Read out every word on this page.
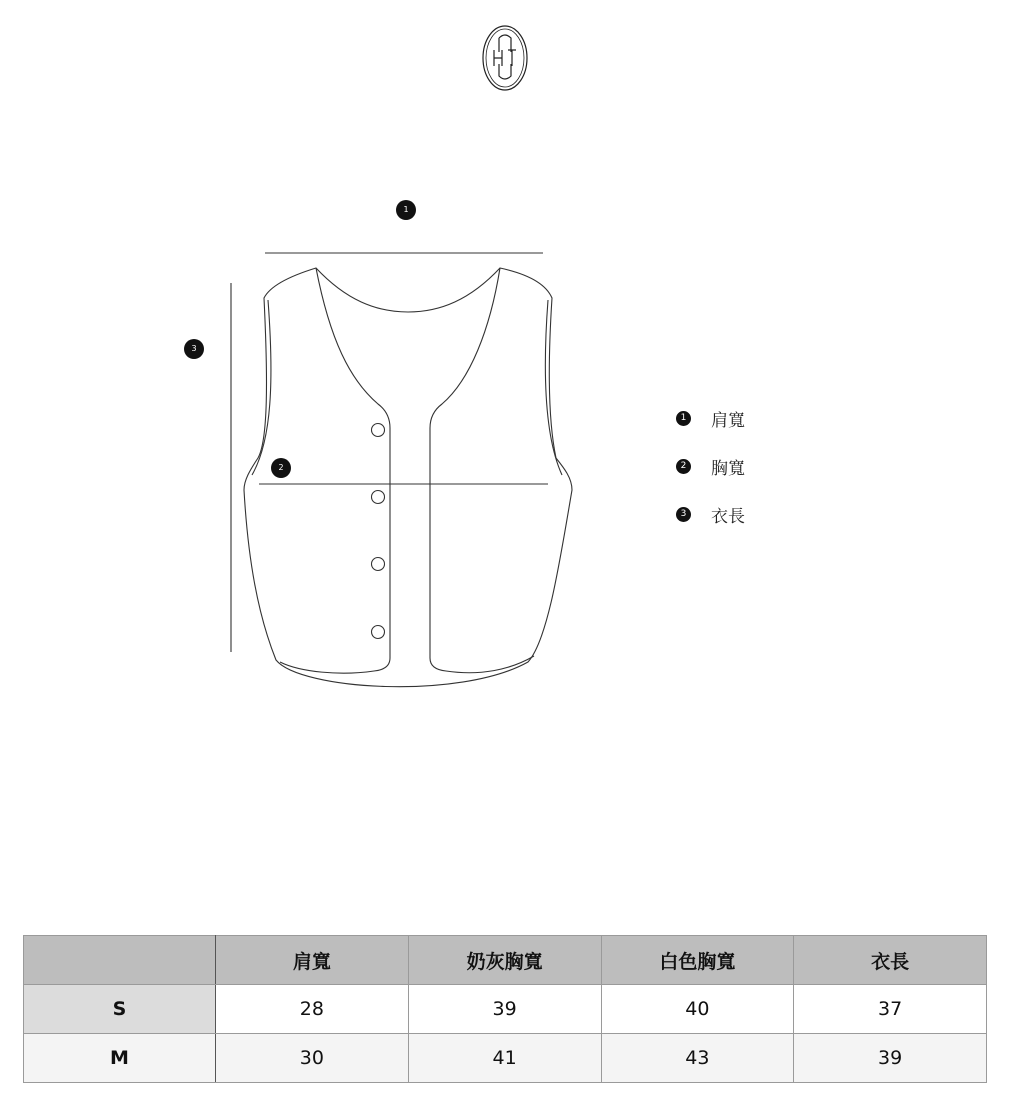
1
2
3
1 肩寬
2 胸寬
3 衣長
	肩寬	奶灰胸寬	白色胸寬	衣長
S	28	39	40	37
M	30	41	43	39
